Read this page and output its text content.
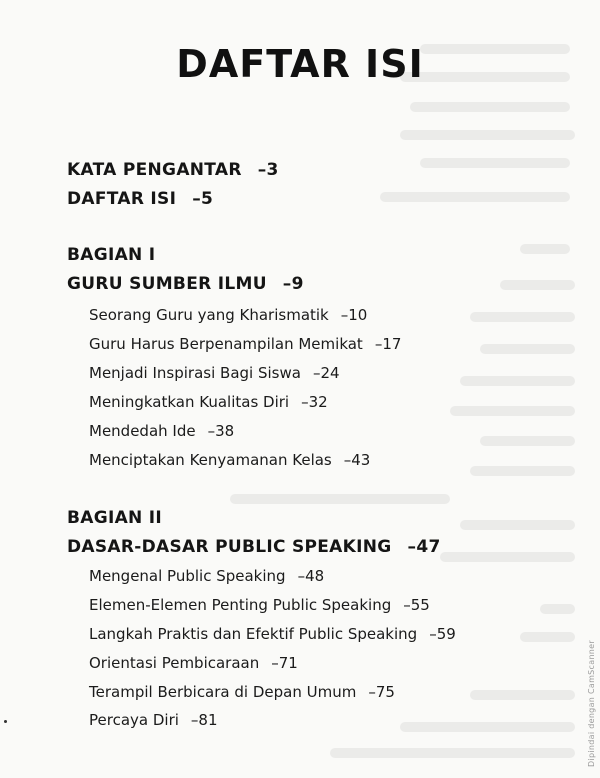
DAFTAR ISI
KATA PENGANTAR –3
DAFTAR ISI –5
BAGIAN I
GURU SUMBER ILMU –9
Seorang Guru yang Kharismatik –10
Guru Harus Berpenampilan Memikat –17
Menjadi Inspirasi Bagi Siswa –24
Meningkatkan Kualitas Diri –32
Mendedah Ide –38
Menciptakan Kenyamanan Kelas –43
BAGIAN II
DASAR-DASAR PUBLIC SPEAKING –47
Mengenal Public Speaking –48
Elemen-Elemen Penting Public Speaking –55
Langkah Praktis dan Efektif Public Speaking –59
Orientasi Pembicaraan –71
Terampil Berbicara di Depan Umum –75
Percaya Diri –81	Dipindai dengan CamScanner
